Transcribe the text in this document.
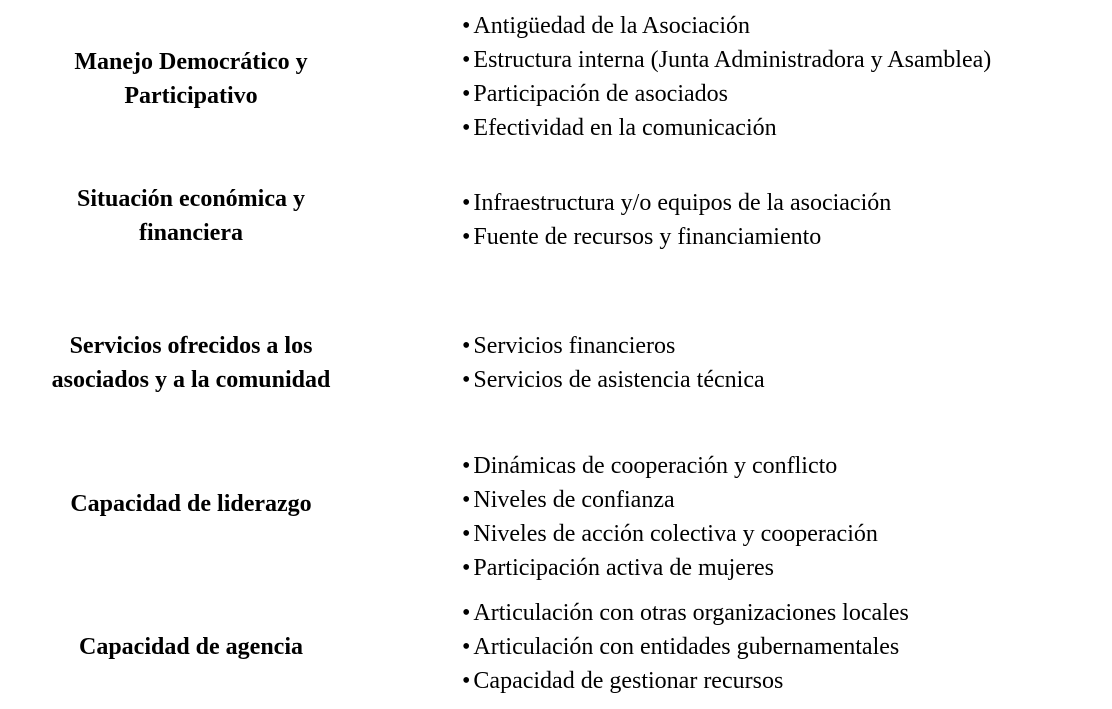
Manejo Democrático y
Participativo
• Antigüedad de la Asociación
• Estructura interna (Junta Administradora y Asamblea)
• Participación de asociados
• Efectividad en la comunicación
Situación económica y
financiera
• Infraestructura y/o equipos de la asociación
• Fuente de recursos y financiamiento
Servicios ofrecidos a los
asociados y a la comunidad
• Servicios financieros
• Servicios de asistencia técnica
Capacidad de liderazgo
• Dinámicas de cooperación y conflicto
• Niveles de confianza
• Niveles de acción colectiva y cooperación
• Participación activa de mujeres
Capacidad de agencia
• Articulación con otras organizaciones locales
• Articulación con entidades gubernamentales
• Capacidad de gestionar recursos
